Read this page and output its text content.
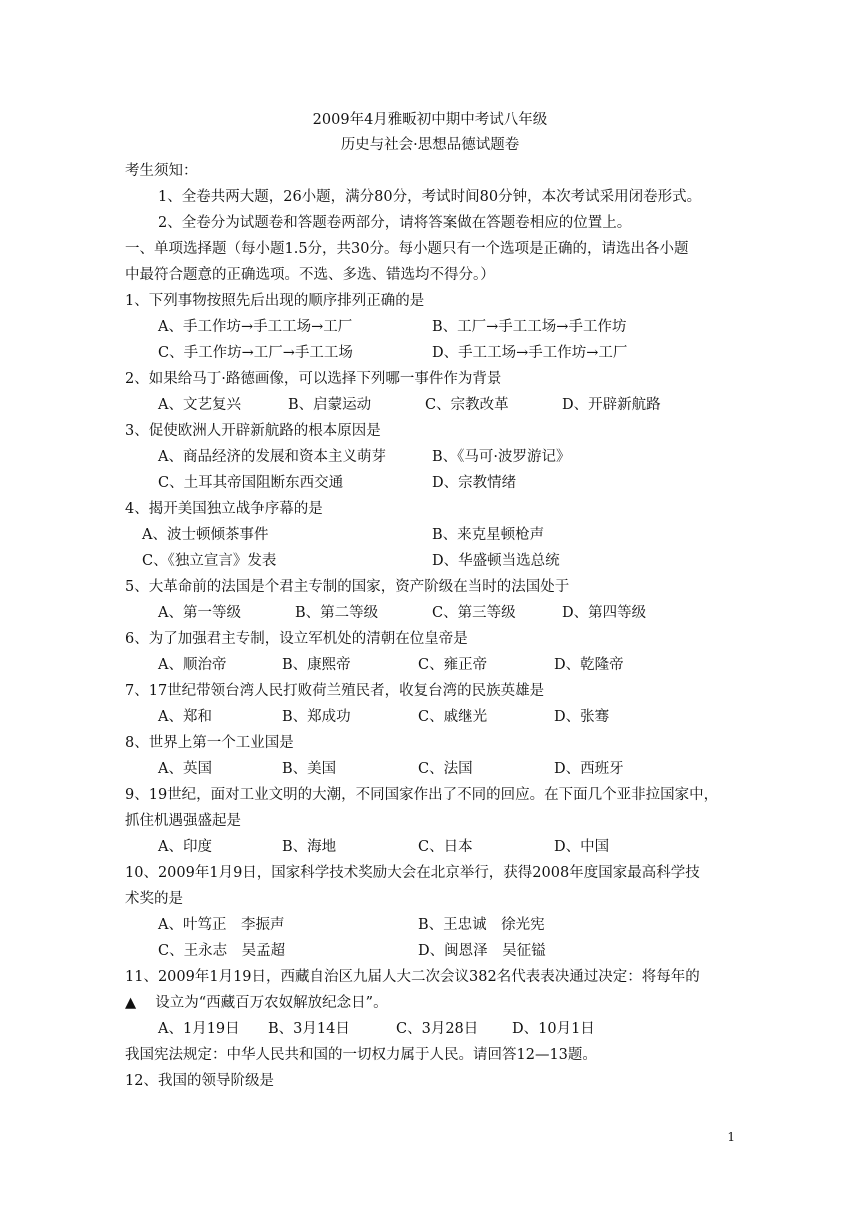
2009年4月雅畈初中期中考试八年级
历史与社会·思想品德试题卷
考生须知：
1、全卷共两大题，26小题，满分80分，考试时间80分钟，本次考试采用闭卷形式。
2、全卷分为试题卷和答题卷两部分，请将答案做在答题卷相应的位置上。
一、单项选择题（每小题1.5分，共30分。每小题只有一个选项是正确的，请选出各小题
中最符合题意的正确选项。不选、多选、错选均不得分。）
1、下列事物按照先后出现的顺序排列正确的是
A、手工作坊→手工工场→工厂	B、工厂→手工工场→手工作坊
C、手工作坊→工厂→手工工场	D、手工工场→手工作坊→工厂
2、如果给马丁·路德画像，可以选择下列哪一事件作为背景
A、文艺复兴	B、启蒙运动	C、宗教改革	D、开辟新航路
3、促使欧洲人开辟新航路的根本原因是
A、商品经济的发展和资本主义萌芽	B、《马可·波罗游记》
C、土耳其帝国阻断东西交通	D、宗教情绪
4、揭开美国独立战争序幕的是
A、波士顿倾茶事件	B、来克星顿枪声
C、《独立宣言》发表	D、华盛顿当选总统
5、大革命前的法国是个君主专制的国家，资产阶级在当时的法国处于
A、第一等级	B、第二等级	C、第三等级	D、第四等级
6、为了加强君主专制，设立军机处的清朝在位皇帝是
A、顺治帝	B、康熙帝	C、雍正帝	D、乾隆帝
7、17世纪带领台湾人民打败荷兰殖民者，收复台湾的民族英雄是
A、郑和	B、郑成功	C、戚继光	D、张骞
8、世界上第一个工业国是
A、英国	B、美国	C、法国	D、西班牙
9、19世纪，面对工业文明的大潮，不同国家作出了不同的回应。在下面几个亚非拉国家中，
抓住机遇强盛起是
A、印度	B、海地	C、日本	D、中国
10、2009年1月9日，国家科学技术奖励大会在北京举行，获得2008年度国家最高科学技
术奖的是
A、叶笃正　李振声	B、王忠诚　徐光宪
C、王永志　吴孟超	D、闽恩泽　吴征镒
11、2009年1月19日，西藏自治区九届人大二次会议382名代表表决通过决定：将每年的
▲　 设立为“西藏百万农奴解放纪念日”。
A、1月19日 B、3月14日	C、3月28日 D、10月1日
我国宪法规定：中华人民共和国的一切权力属于人民。请回答12—13题。
12、我国的领导阶级是
1
